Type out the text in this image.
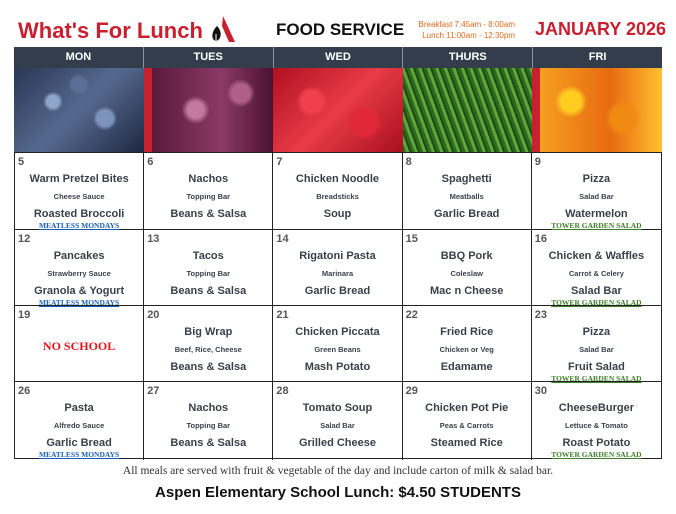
What's For Lunch	FOOD SERVICE	Breakfast 7:45am - 8:00am
Lunch 11:00am - 12:30pm JANUARY 2026
MON	TUES	WED	THURS	FRI
5
Warm Pretzel Bites
Cheese Sauce
Roasted Broccoli
MEATLESS MONDAYS
6
Nachos
Topping Bar
Beans & Salsa
7
Chicken Noodle
Breadsticks
Soup
8
Spaghetti
Meatballs
Garlic Bread
9
Pizza
Salad Bar
Watermelon
TOWER GARDEN SALAD
12
Pancakes
Strawberry Sauce
Granola & Yogurt
MEATLESS MONDAYS
13
Tacos
Topping Bar
Beans & Salsa
14
Rigatoni Pasta
Marinara
Garlic Bread
15
BBQ Pork
Coleslaw
Mac n Cheese
16
Chicken & Waffles
Carrot & Celery
Salad Bar
TOWER GARDEN SALAD
19
NO SCHOOL
20
Big Wrap
Beef, Rice, Cheese
Beans & Salsa
21
Chicken Piccata
Green Beans
Mash Potato
22
Fried Rice
Chicken or Veg
Edamame
23
Pizza
Salad Bar
Fruit Salad
TOWER GARDEN SALAD
26
Pasta
Alfredo Sauce
Garlic Bread
MEATLESS MONDAYS
27
Nachos
Topping Bar
Beans & Salsa
28
Tomato Soup
Salad Bar
Grilled Cheese
29
Chicken Pot Pie
Peas & Carrots
Steamed Rice
30
CheeseBurger
Lettuce & Tomato
Roast Potato
TOWER GARDEN SALAD
All meals are served with fruit & vegetable of the day and include carton of milk & salad bar.
Aspen Elementary School Lunch: $4.50 STUDENTS
